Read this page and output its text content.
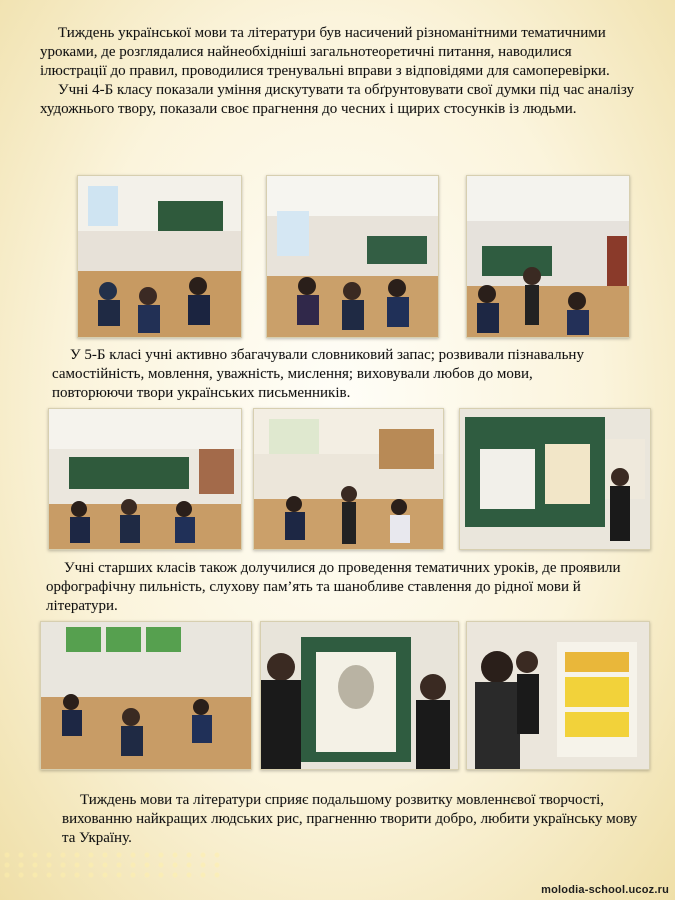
Тиждень української мови та літератури був насичений різноманітними тематичними уроками, де розглядалися найнеобхідніші загальнотеоретичні питання, наводилися ілюстрації до правил, проводилися тренувальні вправи з відповідями для самоперевірки.

Учні 4-Б класу показали уміння дискутувати та обґрунтовувати свої думки під час аналізу художнього твору, показали своє прагнення до чесних і щирих стосунків із людьми.

У 5-Б класі учні активно збагачували словниковий запас; розвивали пізнавальну самостійність, мовлення, уважність, мислення; виховували любов до мови, повторюючи твори українських письменників.
Учні старших класів також долучилися до проведення тематичних уроків, де проявили орфографічну пильність, слухову пам’ять та шанобливе ставлення до рідної мови й літератури.
Тиждень мови та літератури сприяє подальшому розвитку мовленнєвої творчості, вихованню найкращих людських рис, прагненню творити добро, любити українську мову та Україну.

molodia-school.ucoz.ru
